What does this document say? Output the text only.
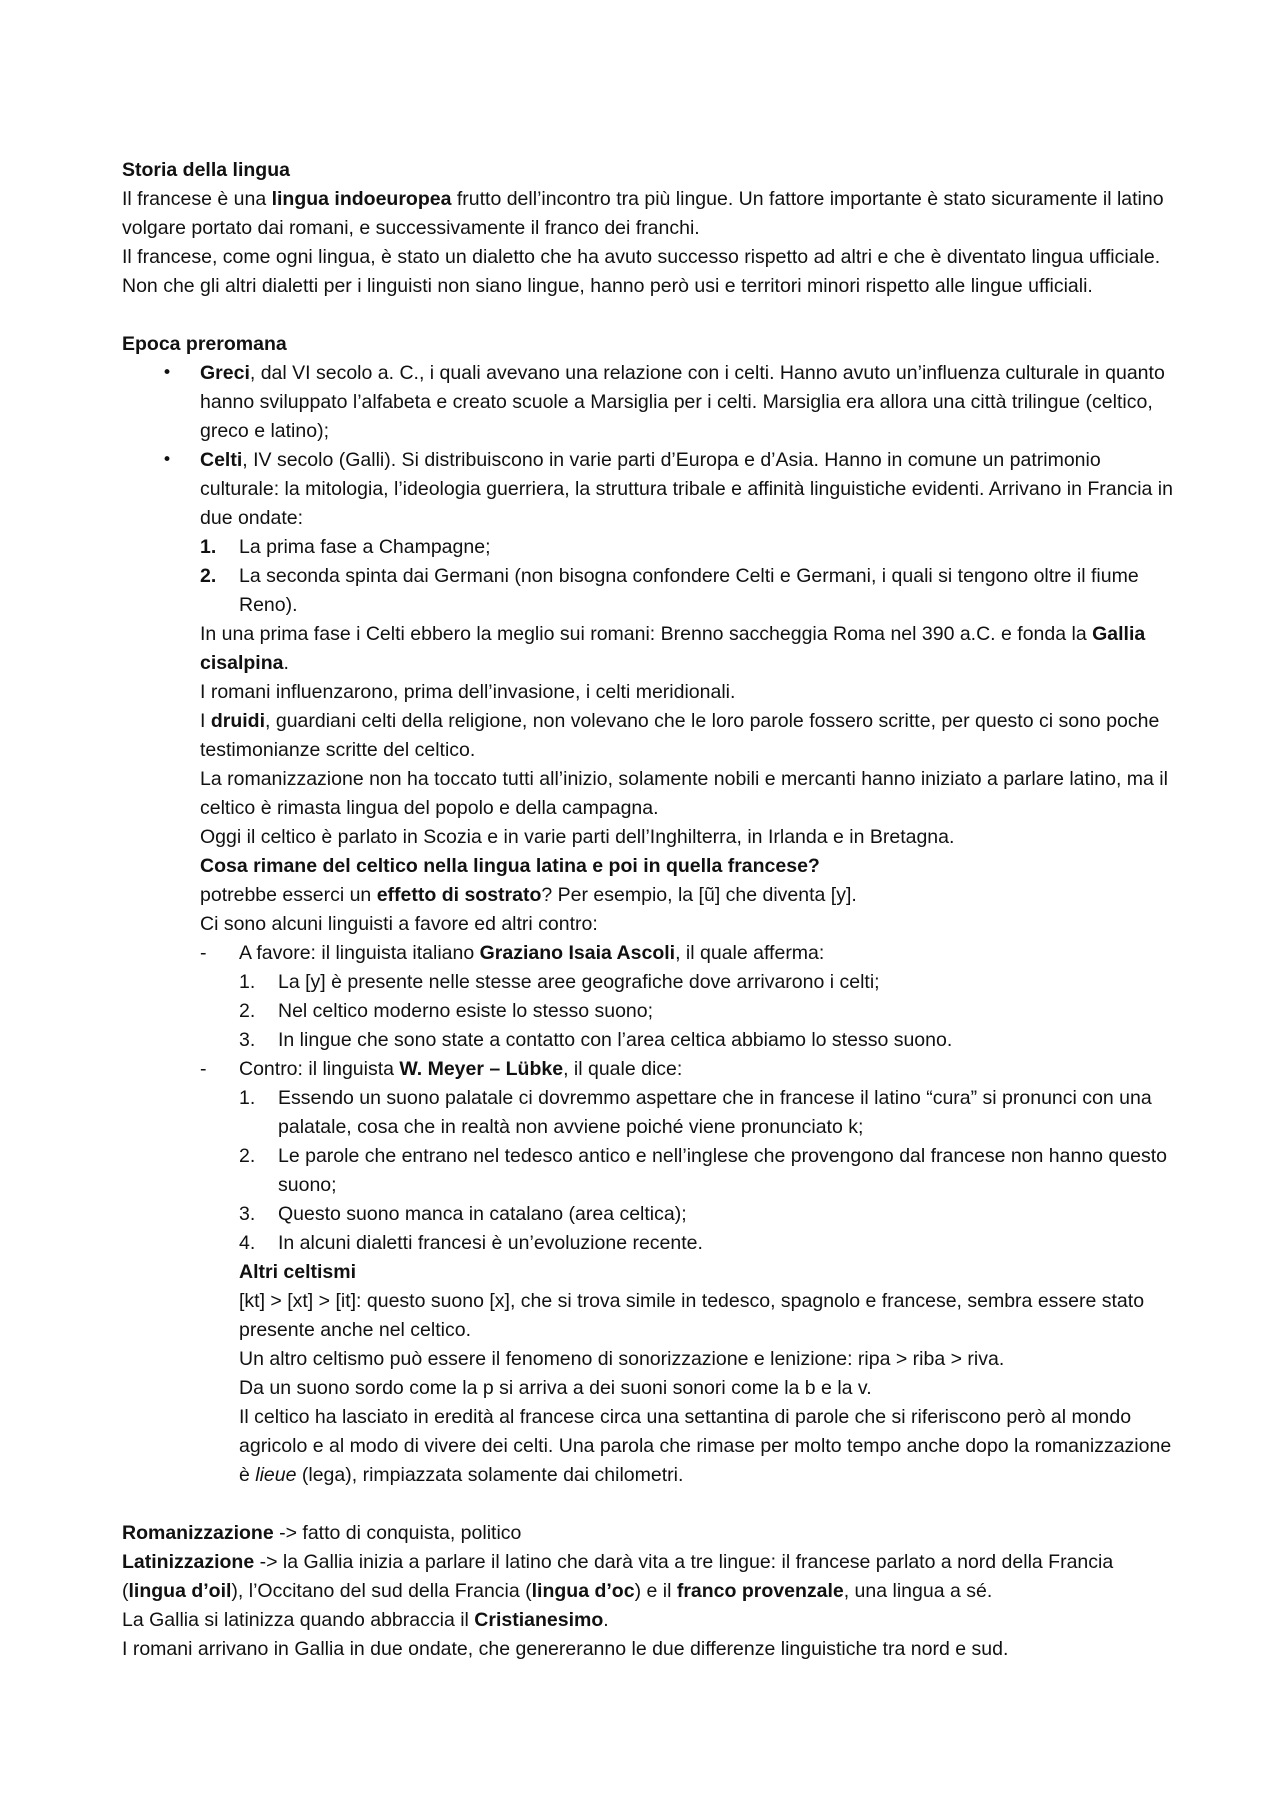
Storia della lingua

Il francese è una lingua indoeuropea frutto dell’incontro tra più lingue. Un fattore importante è stato sicuramente il latino volgare portato dai romani, e successivamente il franco dei franchi.

Il francese, come ogni lingua, è stato un dialetto che ha avuto successo rispetto ad altri e che è diventato lingua ufficiale. Non che gli altri dialetti per i linguisti non siano lingue, hanno però usi e territori minori rispetto alle lingue ufficiali.

Epoca preromana

• Greci, dal VI secolo a. C., i quali avevano una relazione con i celti. Hanno avuto un’influenza culturale in quanto hanno sviluppato l’alfabeta e creato scuole a Marsiglia per i celti. Marsiglia era allora una città trilingue (celtico, greco e latino);
• Celti, IV secolo (Galli). Si distribuiscono in varie parti d’Europa e d’Asia. Hanno in comune un patrimonio culturale: la mitologia, l’ideologia guerriera, la struttura tribale e affinità linguistiche evidenti. Arrivano in Francia in due ondate:
1. La prima fase a Champagne;
2. La seconda spinta dai Germani (non bisogna confondere Celti e Germani, i quali si tengono oltre il fiume Reno).

In una prima fase i Celti ebbero la meglio sui romani: Brenno saccheggia Roma nel 390 a.C. e fonda la Gallia cisalpina.

I romani influenzarono, prima dell’invasione, i celti meridionali.

I druidi, guardiani celti della religione, non volevano che le loro parole fossero scritte, per questo ci sono poche testimonianze scritte del celtico.

La romanizzazione non ha toccato tutti all’inizio, solamente nobili e mercanti hanno iniziato a parlare latino, ma il celtico è rimasta lingua del popolo e della campagna.

Oggi il celtico è parlato in Scozia e in varie parti dell’Inghilterra, in Irlanda e in Bretagna.

Cosa rimane del celtico nella lingua latina e poi in quella francese?

potrebbe esserci un effetto di sostrato? Per esempio, la [ũ] che diventa [y].

Ci sono alcuni linguisti a favore ed altri contro:

- A favore: il linguista italiano Graziano Isaia Ascoli, il quale afferma:
1. La [y] è presente nelle stesse aree geografiche dove arrivarono i celti;
2. Nel celtico moderno esiste lo stesso suono;
3. In lingue che sono state a contatto con l’area celtica abbiamo lo stesso suono.
- Contro: il linguista W. Meyer – Lübke, il quale dice:
1. Essendo un suono palatale ci dovremmo aspettare che in francese il latino “cura” si pronunci con una palatale, cosa che in realtà non avviene poiché viene pronunciato k;
2. Le parole che entrano nel tedesco antico e nell’inglese che provengono dal francese non hanno questo suono;
3. Questo suono manca in catalano (area celtica);
4. In alcuni dialetti francesi è un’evoluzione recente.

Altri celtismi

[kt] > [xt] > [it]: questo suono [x], che si trova simile in tedesco, spagnolo e francese, sembra essere stato presente anche nel celtico.

Un altro celtismo può essere il fenomeno di sonorizzazione e lenizione: ripa > riba > riva.

Da un suono sordo come la p si arriva a dei suoni sonori come la b e la v.

Il celtico ha lasciato in eredità al francese circa una settantina di parole che si riferiscono però al mondo agricolo e al modo di vivere dei celti. Una parola che rimase per molto tempo anche dopo la romanizzazione è lieue (lega), rimpiazzata solamente dai chilometri.

Romanizzazione -> fatto di conquista, politico

Latinizzazione -> la Gallia inizia a parlare il latino che darà vita a tre lingue: il francese parlato a nord della Francia (lingua d’oil), l’Occitano del sud della Francia (lingua d’oc) e il franco provenzale, una lingua a sé.

La Gallia si latinizza quando abbraccia il Cristianesimo.

I romani arrivano in Gallia in due ondate, che genereranno le due differenze linguistiche tra nord e sud.
